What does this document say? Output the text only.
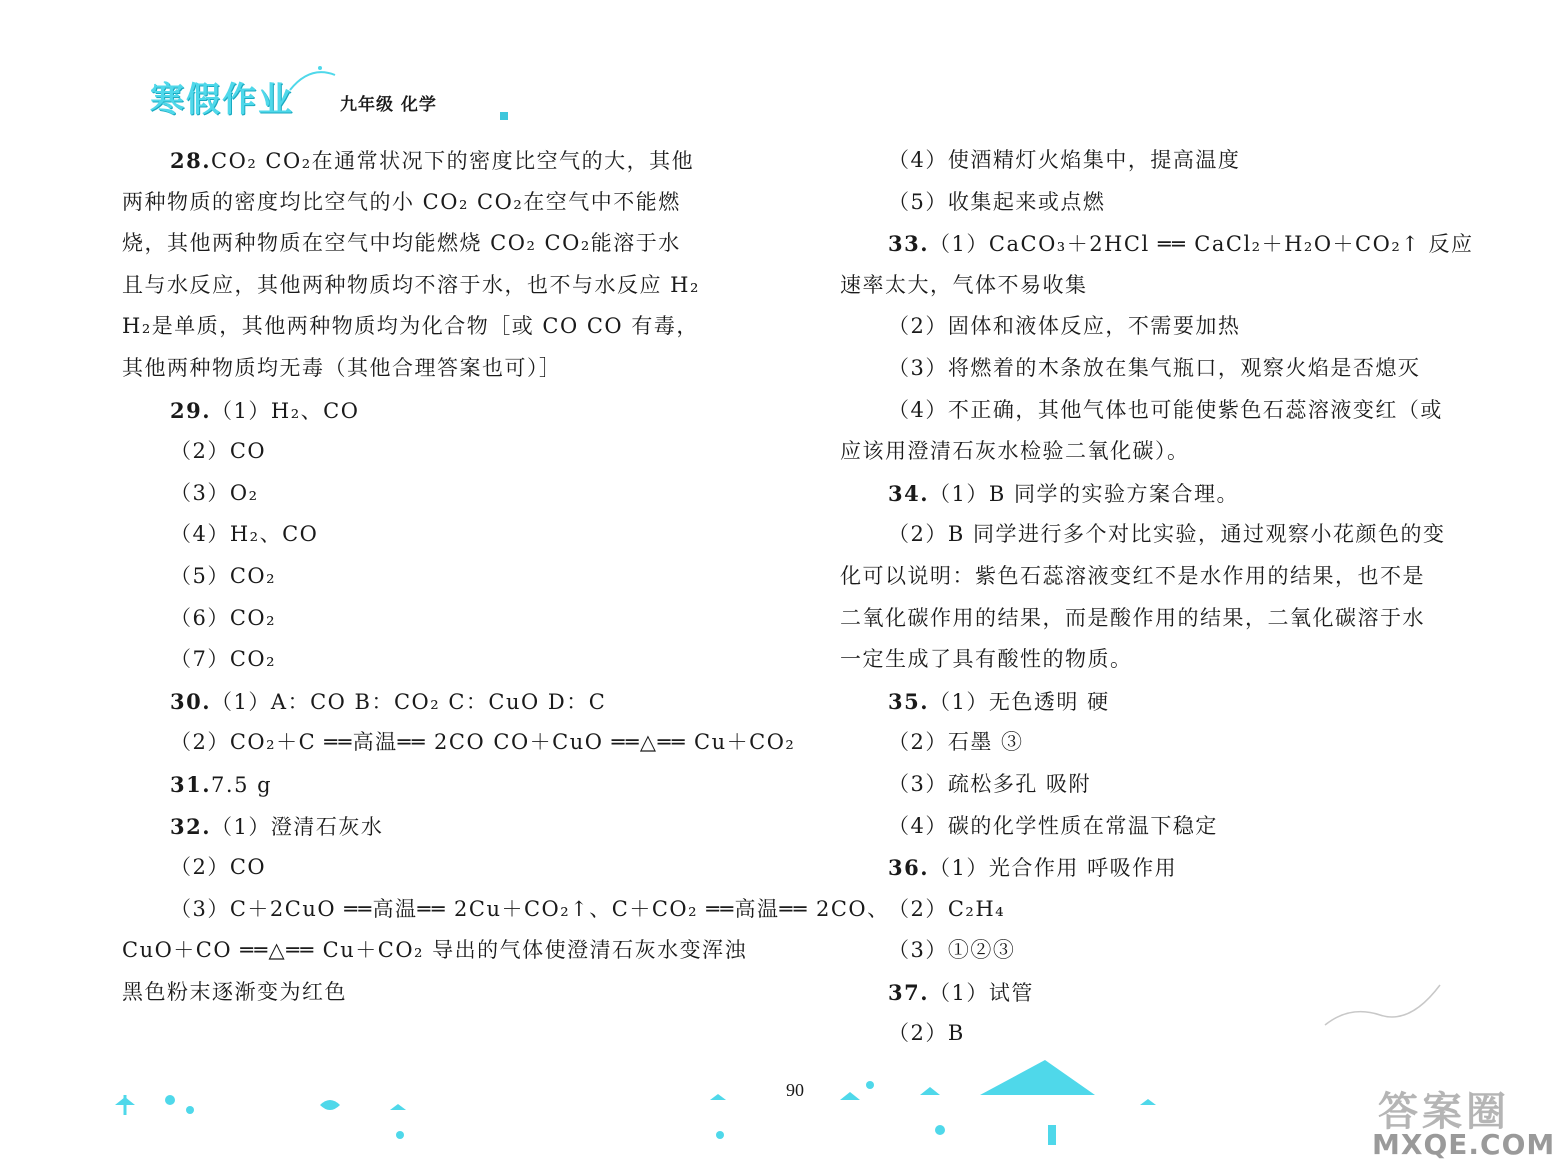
寒假作业	九年级 化学
28.CO₂ CO₂在通常状况下的密度比空气的大，其他
两种物质的密度均比空气的小 CO₂ CO₂在空气中不能燃
烧，其他两种物质在空气中均能燃烧 CO₂ CO₂能溶于水
且与水反应，其他两种物质均不溶于水，也不与水反应 H₂
H₂是单质，其他两种物质均为化合物［或 CO CO 有毒，
其他两种物质均无毒（其他合理答案也可）］
29.（1）H₂、CO
（2）CO
（3）O₂
（4）H₂、CO
（5）CO₂
（6）CO₂
（7）CO₂
30.（1）A：CO B：CO₂ C：CuO D：C
（2）CO₂＋C ══高温══ 2CO CO＋CuO ══△══ Cu＋CO₂
31.7.5 g
32.（1）澄清石灰水
（2）CO
（3）C＋2CuO ══高温══ 2Cu＋CO₂↑、C＋CO₂ ══高温══ 2CO、
CuO＋CO ══△══ Cu＋CO₂ 导出的气体使澄清石灰水变浑浊
黑色粉末逐渐变为红色
（4）使酒精灯火焰集中，提高温度
（5）收集起来或点燃
33.（1）CaCO₃＋2HCl ══ CaCl₂＋H₂O＋CO₂↑ 反应
速率太大，气体不易收集
（2）固体和液体反应，不需要加热
（3）将燃着的木条放在集气瓶口，观察火焰是否熄灭
（4）不正确，其他气体也可能使紫色石蕊溶液变红（或
应该用澄清石灰水检验二氧化碳）。
34.（1）B 同学的实验方案合理。
（2）B 同学进行多个对比实验，通过观察小花颜色的变
化可以说明：紫色石蕊溶液变红不是水作用的结果，也不是
二氧化碳作用的结果，而是酸作用的结果，二氧化碳溶于水
一定生成了具有酸性的物质。
35.（1）无色透明 硬
（2）石墨 ③
（3）疏松多孔 吸附
（4）碳的化学性质在常温下稳定
36.（1）光合作用 呼吸作用
（2）C₂H₄
（3）①②③
37.（1）试管
（2）B
90	答案圈
MXQE.COM
